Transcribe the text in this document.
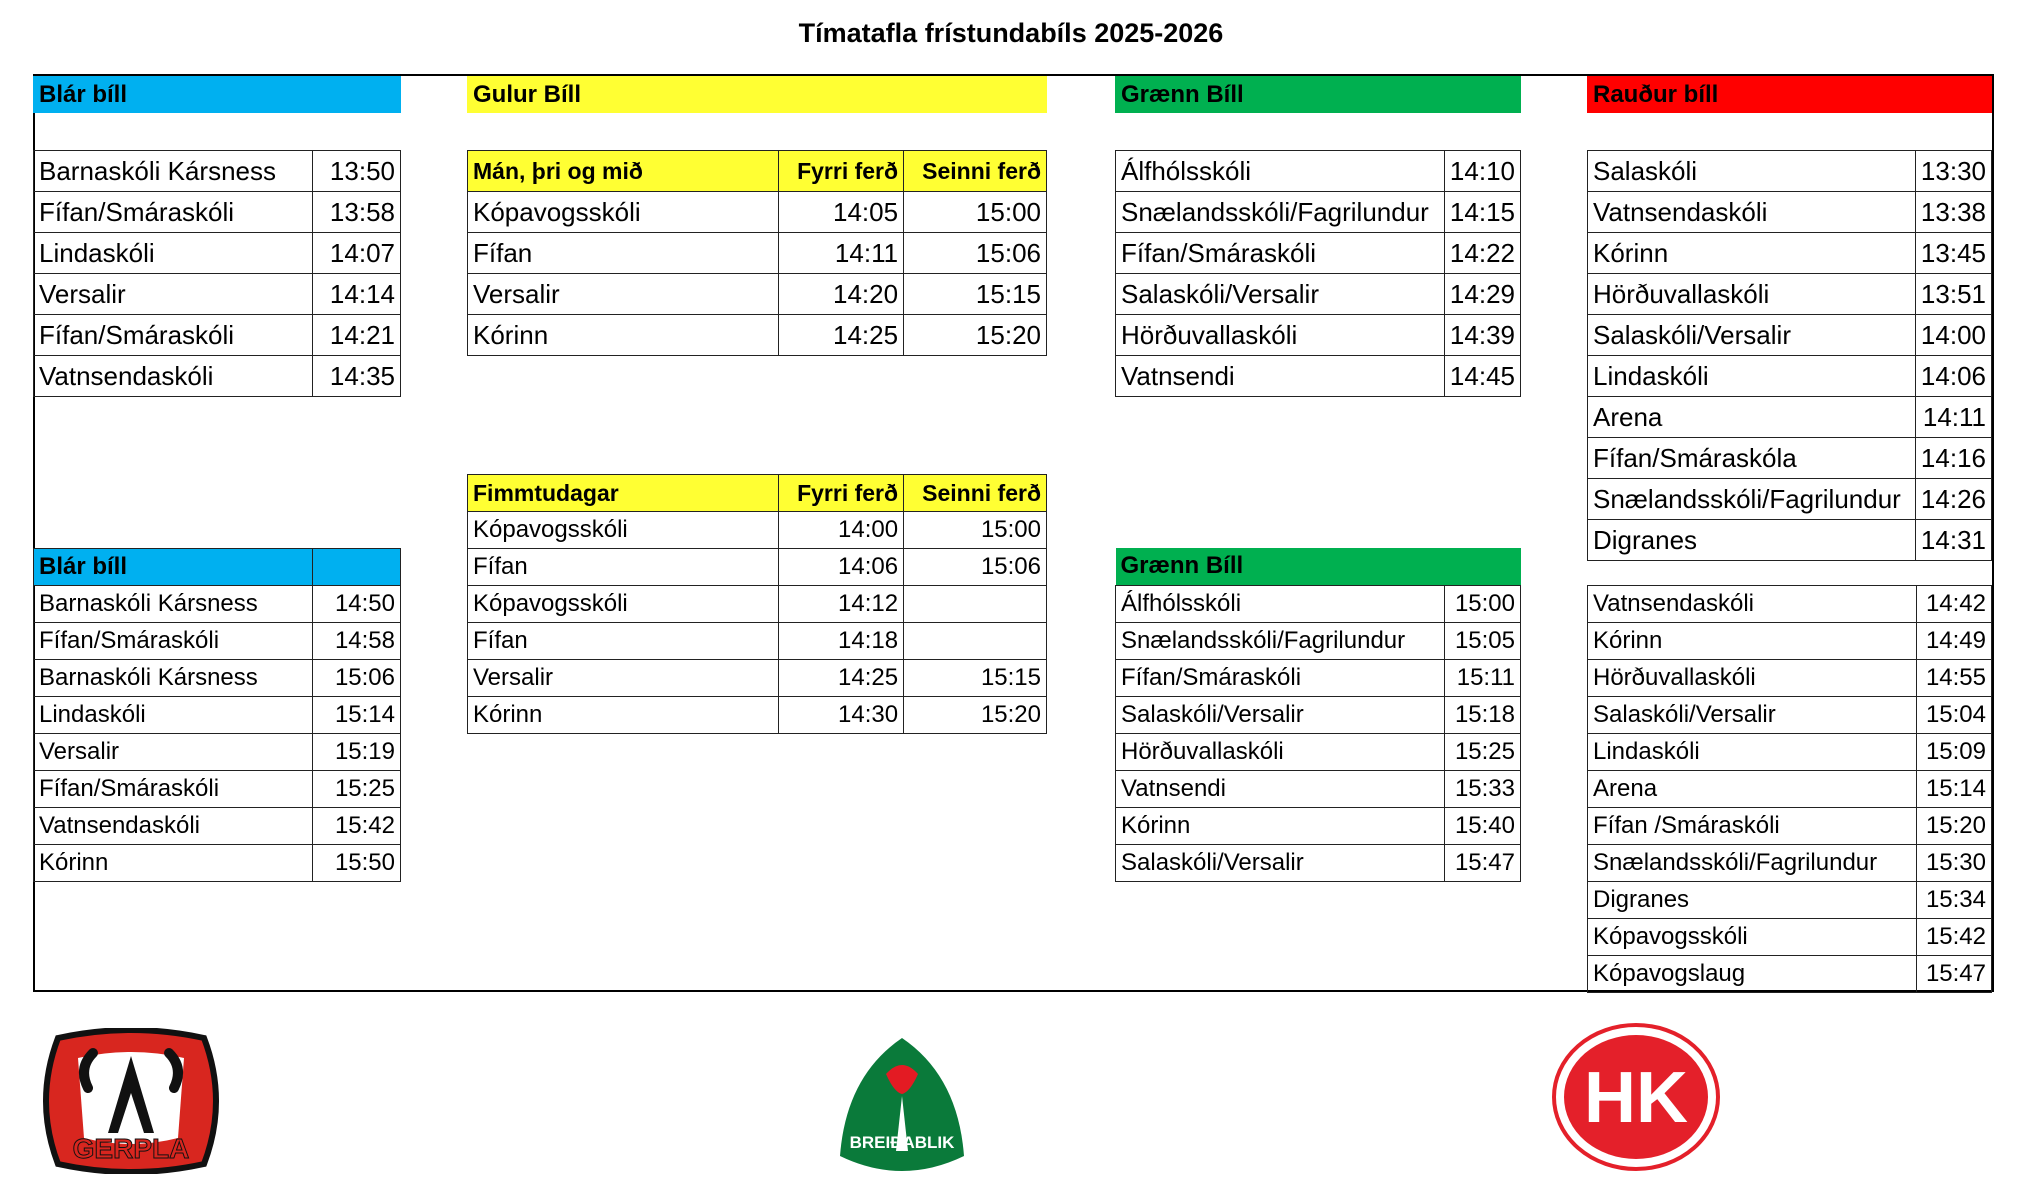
Tímatafla frístundabíls 2025-2026
Blár bíll
Barnaskóli Kársness	13:50
Fífan/Smáraskóli	13:58
Lindaskóli	14:07
Versalir	14:14
Fífan/Smáraskóli	14:21
Vatnsendaskóli	14:35
Blár bíll	
Barnaskóli Kársness	14:50
Fífan/Smáraskóli	14:58
Barnaskóli Kársness	15:06
Lindaskóli	15:14
Versalir	15:19
Fífan/Smáraskóli	15:25
Vatnsendaskóli	15:42
Kórinn	15:50
Gulur Bíll
Mán, þri og mið	Fyrri ferð	Seinni ferð
Kópavogsskóli	14:05	15:00
Fífan	14:11	15:06
Versalir	14:20	15:15
Kórinn	14:25	15:20
Fimmtudagar	Fyrri ferð	Seinni ferð
Kópavogsskóli	14:00	15:00
Fífan	14:06	15:06
Kópavogsskóli	14:12	
Fífan	14:18	
Versalir	14:25	15:15
Kórinn	14:30	15:20
Grænn Bíll
Álfhólsskóli	14:10
Snælandsskóli/Fagrilundur	14:15
Fífan/Smáraskóli	14:22
Salaskóli/Versalir	14:29
Hörðuvallaskóli	14:39
Vatnsendi	14:45
Grænn Bíll	
Álfhólsskóli	15:00
Snælandsskóli/Fagrilundur	15:05
Fífan/Smáraskóli	15:11
Salaskóli/Versalir	15:18
Hörðuvallaskóli	15:25
Vatnsendi	15:33
Kórinn	15:40
Salaskóli/Versalir	15:47
Rauður bíll
Salaskóli	13:30
Vatnsendaskóli	13:38
Kórinn	13:45
Hörðuvallaskóli	13:51
Salaskóli/Versalir	14:00
Lindaskóli	14:06
Arena	14:11
Fífan/Smáraskóla	14:16
Snælandsskóli/Fagrilundur	14:26
Digranes	14:31
Vatnsendaskóli	14:42
Kórinn	14:49
Hörðuvallaskóli	14:55
Salaskóli/Versalir	15:04
Lindaskóli	15:09
Arena	15:14
Fífan /Smáraskóli	15:20
Snælandsskóli/Fagrilundur	15:30
Digranes	15:34
Kópavogsskóli	15:42
Kópavogslaug	15:47
GERPLA	BREIÐABLIK
HK
